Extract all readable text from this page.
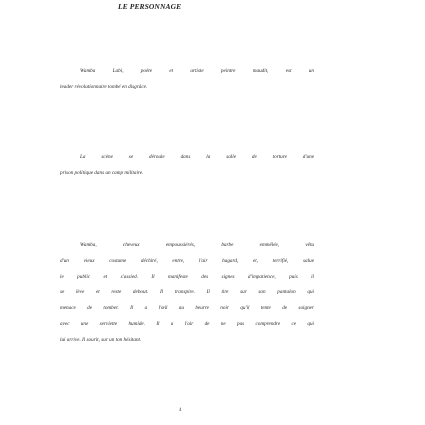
LE PERSONNAGE

Wamba Labi, poète et artiste peintre maudit, est un
leader révolutionnaire tombé en disgrâce.

La scène se déroule dans la salle de torture d'une
prison politique dans un camp militaire.

Wamba, cheveux empoussiérés, barbe emmêlée, vêtu
d'un vieux costume déchiré, entre, l'air hagard, et, terrifié, salue
le public et s'assied. Il manifeste des signes d'impatience, puis il
se lève et reste debout. Il transpire. Il tire sur son pantalon qui
menace de tomber. Il a l'œil au beurre noir qu'il tente de soigner
avec une serviette humide. Il a l'air de ne pas comprendre ce qui
lui arrive. Il sourit, sur un ton hésitant.

4
